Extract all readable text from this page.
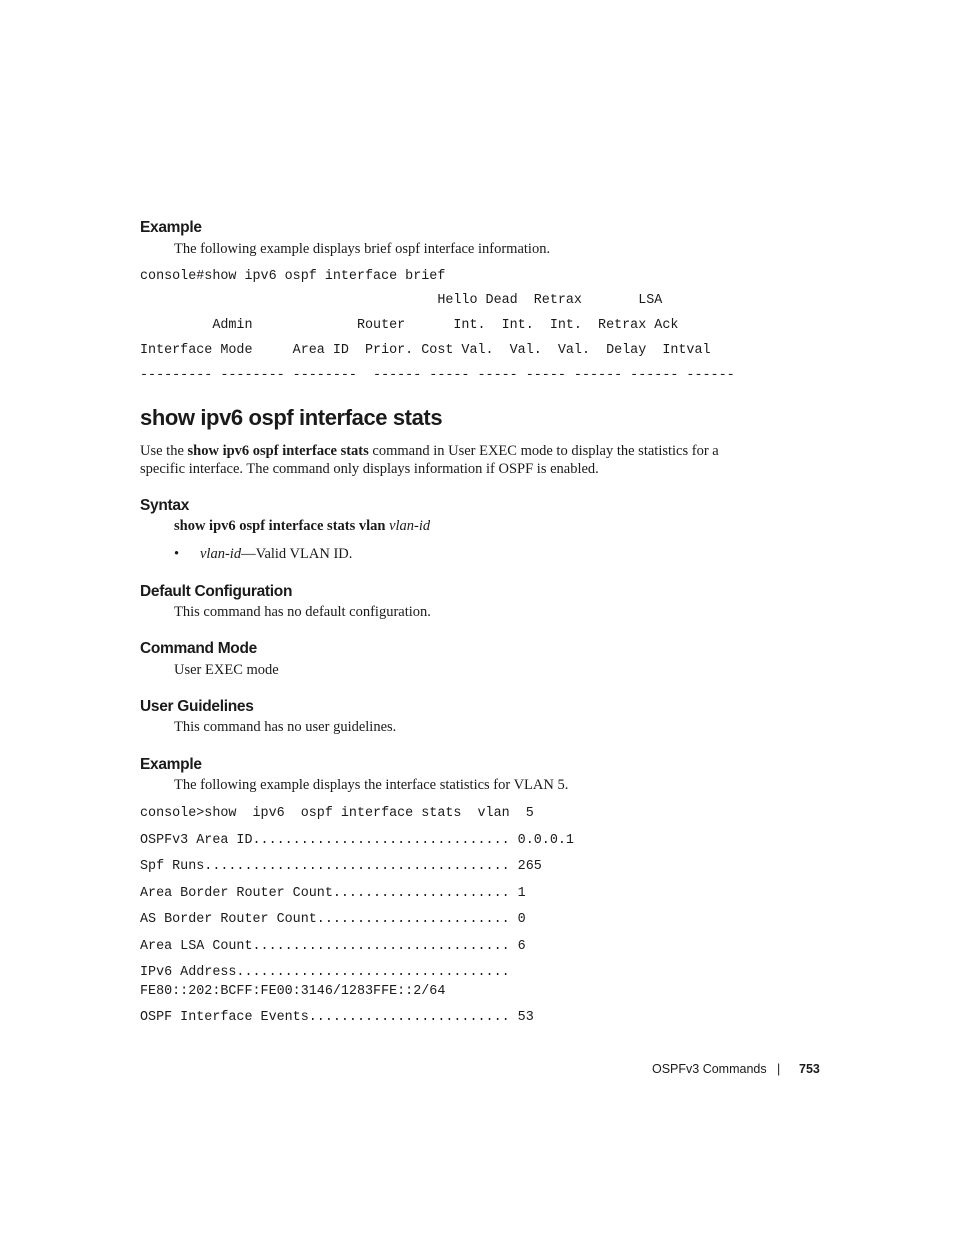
Example
The following example displays brief ospf interface information.
console#show ipv6 ospf interface brief
Hello Dead  Retrax       LSA
Admin             Router      Int.  Int.  Int.  Retrax Ack
Interface Mode     Area ID  Prior. Cost Val.  Val.  Val.  Delay  Intval
--------- -------- --------  ------ ----- ----- ----- ------ ------ ------
show ipv6 ospf interface stats
Use the show ipv6 ospf interface stats command in User EXEC mode to display the statistics for a specific interface. The command only displays information if OSPF is enabled.
Syntax
show ipv6 ospf interface stats vlan vlan-id
• vlan-id—Valid VLAN ID.
Default Configuration
This command has no default configuration.
Command Mode
User EXEC mode
User Guidelines
This command has no user guidelines.
Example
The following example displays the interface statistics for VLAN 5.
console>show  ipv6  ospf interface stats  vlan  5
OSPFv3 Area ID................................ 0.0.0.1
Spf Runs...................................... 265
Area Border Router Count...................... 1
AS Border Router Count........................ 0
Area LSA Count................................ 6
IPv6 Address..................................
FE80::202:BCFF:FE00:3146/1283FFE::2/64
OSPF Interface Events......................... 53
OSPFv3 Commands | 753
